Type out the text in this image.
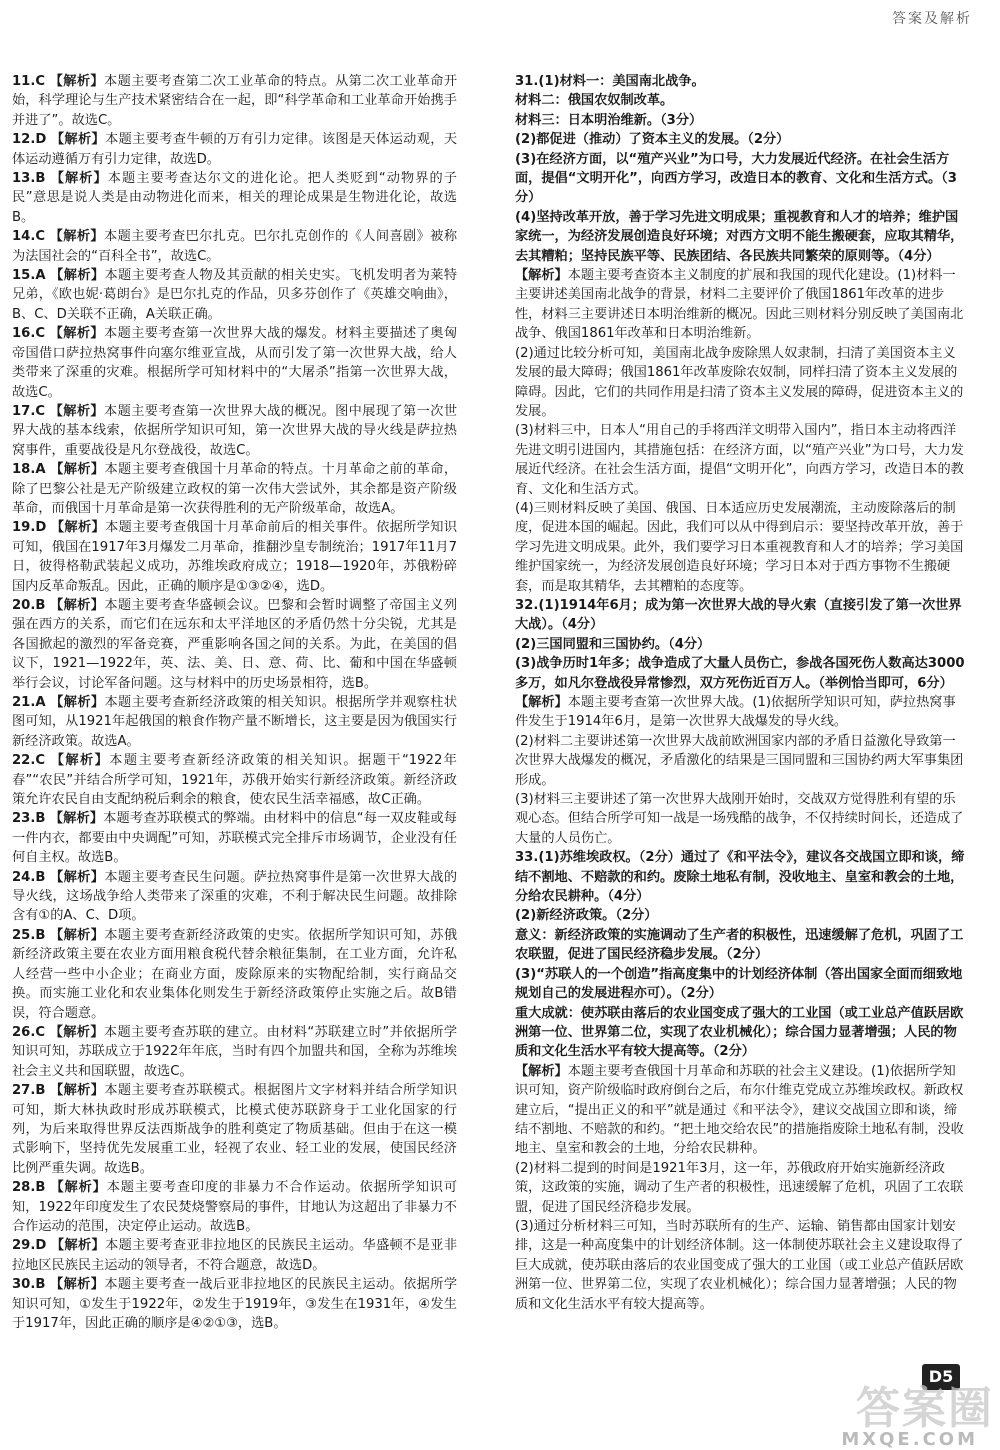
答案及解析

11.C 【解析】本题主要考查第二次工业革命的特点。从第二次工业革命开始，科学理论与生产技术紧密结合在一起，即“科学革命和工业革命开始携手并进了”。故选C。

12.D 【解析】本题主要考查牛顿的万有引力定律。该图是天体运动观，天体运动遵循万有引力定律，故选D。

13.B 【解析】本题主要考查达尔文的进化论。把人类贬到“动物界的子民”意思是说人类是由动物进化而来，相关的理论成果是生物进化论，故选B。

14.C 【解析】本题主要考查巴尔扎克。巴尔扎克创作的《人间喜剧》被称为法国社会的“百科全书”，故选C。

15.A 【解析】本题主要考查人物及其贡献的相关史实。飞机发明者为莱特兄弟，《欧也妮·葛朗台》是巴尔扎克的作品，贝多芬创作了《英雄交响曲》，B、C、D关联不正确，A关联正确。

16.C 【解析】本题主要考查第一次世界大战的爆发。材料主要描述了奥匈帝国借口萨拉热窝事件向塞尔维亚宣战，从而引发了第一次世界大战，给人类带来了深重的灾难。根据所学可知材料中的“大屠杀”指第一次世界大战，故选C。

17.C 【解析】本题主要考查第一次世界大战的概况。图中展现了第一次世界大战的基本线索，依据所学知识可知，第一次世界大战的导火线是萨拉热窝事件，重要战役是凡尔登战役，故选C。

18.A 【解析】本题主要考查俄国十月革命的特点。十月革命之前的革命，除了巴黎公社是无产阶级建立政权的第一次伟大尝试外，其余都是资产阶级革命，而俄国十月革命是第一次获得胜利的无产阶级革命，故选A。

19.D 【解析】本题主要考查俄国十月革命前后的相关事件。依据所学知识可知，俄国在1917年3月爆发二月革命，推翻沙皇专制统治；1917年11月7日，彼得格勒武装起义成功，苏维埃政府成立；1918—1920年，苏俄粉碎国内反革命叛乱。因此，正确的顺序是①③②④，选D。

20.B 【解析】本题主要考查华盛顿会议。巴黎和会暂时调整了帝国主义列强在西方的关系，而它们在远东和太平洋地区的矛盾仍然十分尖锐，尤其是各国掀起的激烈的军备竞赛，严重影响各国之间的关系。为此，在美国的倡议下，1921—1922年，英、法、美、日、意、荷、比、葡和中国在华盛顿举行会议，讨论军备问题。这与材料中的历史场景相符，选B。

21.A 【解析】本题主要考查新经济政策的相关知识。根据所学并观察柱状图可知，从1921年起俄国的粮食作物产量不断增长，这主要是因为俄国实行新经济政策。故选A。

22.C 【解析】本题主要考查新经济政策的相关知识。据题干“1922年春”“农民”并结合所学可知，1921年，苏俄开始实行新经济政策。新经济政策允许农民自由支配纳税后剩余的粮食，使农民生活幸福感，故C正确。

23.B 【解析】本题考查苏联模式的弊端。由材料中的信息“每一双皮鞋或每一件内衣，都要由中央调配”可知，苏联模式完全排斥市场调节，企业没有任何自主权。故选B。

24.B 【解析】本题主要考查民生问题。萨拉热窝事件是第一次世界大战的导火线，这场战争给人类带来了深重的灾难，不利于解决民生问题。故排除含有①的A、C、D项。

25.B 【解析】本题主要考查新经济政策的史实。依据所学知识可知，苏俄新经济政策主要在农业方面用粮食税代替余粮征集制，在工业方面，允许私人经营一些中小企业；在商业方面，废除原来的实物配给制，实行商品交换。而实施工业化和农业集体化则发生于新经济政策停止实施之后。故B错误，符合题意。

26.C 【解析】本题主要考查苏联的建立。由材料“苏联建立时”并依据所学知识可知，苏联成立于1922年年底，当时有四个加盟共和国，全称为苏维埃社会主义共和国联盟，故选C。

27.B 【解析】本题主要考查苏联模式。根据图片文字材料并结合所学知识可知，斯大林执政时形成苏联模式，比模式使苏联跻身于工业化国家的行列，为后来取得世界反法西斯战争的胜利奠定了物质基础。但由于在这一模式影响下，坚持优先发展重工业，轻视了农业、轻工业的发展，使国民经济比例严重失调。故选B。

28.B 【解析】本题主要考查印度的非暴力不合作运动。依据所学知识可知，1922年印度发生了农民焚烧警察局的事件，甘地认为这超出了非暴力不合作运动的范围，决定停止运动。故选B。

29.D 【解析】本题主要考查亚非拉地区的民族民主运动。华盛顿不是亚非拉地区民族民主运动的领导者，不符合题意，故选D。

30.B 【解析】本题主要考查一战后亚非拉地区的民族民主运动。依据所学知识可知，①发生于1922年，②发生于1919年，③发生在1931年，④发生于1917年，因此正确的顺序是④②①③，选B。

31.(1)材料一：美国南北战争。

材料二：俄国农奴制改革。

材料三：日本明治维新。（3分）

(2)都促进（推动）了资本主义的发展。（2分）

(3)在经济方面，以“殖产兴业”为口号，大力发展近代经济。在社会生活方面，提倡“文明开化”，向西方学习，改造日本的教育、文化和生活方式。（3分）

(4)坚持改革开放，善于学习先进文明成果；重视教育和人才的培养；维护国家统一，为经济发展创造良好环境；对西方文明不能生搬硬套，应取其精华，去其糟粕；坚持民族平等、民族团结、各民族共同繁荣的原则等。（4分）

【解析】本题主要考查资本主义制度的扩展和我国的现代化建设。(1)材料一主要讲述美国南北战争的背景，材料二主要评价了俄国1861年改革的进步性，材料三主要讲述日本明治维新的概况。因此三则材料分别反映了美国南北战争、俄国1861年改革和日本明治维新。

(2)通过比较分析可知，美国南北战争废除黑人奴隶制，扫清了美国资本主义发展的最大障碍；俄国1861年改革废除农奴制，同样扫清了资本主义发展的障碍。因此，它们的共同作用是扫清了资本主义发展的障碍，促进资本主义的发展。

(3)材料三中，日本人“用自己的手将西洋文明带入国内”，指日本主动将西洋先进文明引进国内，其措施包括：在经济方面，以“殖产兴业”为口号，大力发展近代经济。在社会生活方面，提倡“文明开化”，向西方学习，改造日本的教育、文化和生活方式。

(4)三则材料反映了美国、俄国、日本适应历史发展潮流，主动废除落后的制度，促进本国的崛起。因此，我们可以从中得到启示：要坚持改革开放，善于学习先进文明成果。此外，我们要学习日本重视教育和人才的培养；学习美国维护国家统一，为经济发展创造良好环境；学习日本对于西方事物不生搬硬套，而是取其精华，去其糟粕的态度等。

32.(1)1914年6月；成为第一次世界大战的导火索（直接引发了第一次世界大战）。（4分）

(2)三国同盟和三国协约。（4分）

(3)战争历时1年多；战争造成了大量人员伤亡，参战各国死伤人数高达3000多万，如凡尔登战役异常惨烈，双方死伤近百万人。（举例恰当即可，6分）

【解析】本题主要考查第一次世界大战。(1)依据所学知识可知，萨拉热窝事件发生于1914年6月，是第一次世界大战爆发的导火线。

(2)材料二主要讲述第一次世界大战前欧洲国家内部的矛盾日益激化导致第一次世界大战爆发的概况，矛盾激化的结果是三国同盟和三国协约两大军事集团形成。

(3)材料三主要讲述了第一次世界大战刚开始时，交战双方觉得胜利有望的乐观心态。但结合所学可知一战是一场残酷的战争，不仅持续时间长，还造成了大量的人员伤亡。

33.(1)苏维埃政权。（2分）通过了《和平法令》，建议各交战国立即和谈，缔结不割地、不赔款的和约。废除土地私有制，没收地主、皇室和教会的土地，分给农民耕种。（4分）

(2)新经济政策。（2分）

意义：新经济政策的实施调动了生产者的积极性，迅速缓解了危机，巩固了工农联盟，促进了国民经济稳步发展。（2分）

(3)“苏联人的一个创造”指高度集中的计划经济体制（答出国家全面而细致地规划自己的发展进程亦可）。（2分）

重大成就：使苏联由落后的农业国变成了强大的工业国（或工业总产值跃居欧洲第一位、世界第二位，实现了农业机械化）；综合国力显著增强；人民的物质和文化生活水平有较大提高等。（2分）

【解析】本题主要考查俄国十月革命和苏联的社会主义建设。(1)依据所学知识可知，资产阶级临时政府倒台之后，布尔什维克党成立苏维埃政权。新政权建立后，“提出正义的和平”就是通过《和平法令》，建议交战国立即和谈，缔结不割地、不赔款的和约。“把土地交给农民”的措施指废除土地私有制，没收地主、皇室和教会的土地，分给农民耕种。

(2)材料二提到的时间是1921年3月，这一年，苏俄政府开始实施新经济政策，这政策的实施，调动了生产者的积极性，迅速缓解了危机，巩固了工农联盟，促进了国民经济稳步发展。

(3)通过分析材料三可知，当时苏联所有的生产、运输、销售都由国家计划安排，这是一种高度集中的计划经济体制。这一体制使苏联社会主义建设取得了巨大成就，使苏联由落后的农业国变成了强大的工业国（或工业总产值跃居欧洲第一位、世界第二位，实现了农业机械化）；综合国力显著增强；人民的物质和文化生活水平有较大提高等。

D5
答案圈
MXQE.COM
